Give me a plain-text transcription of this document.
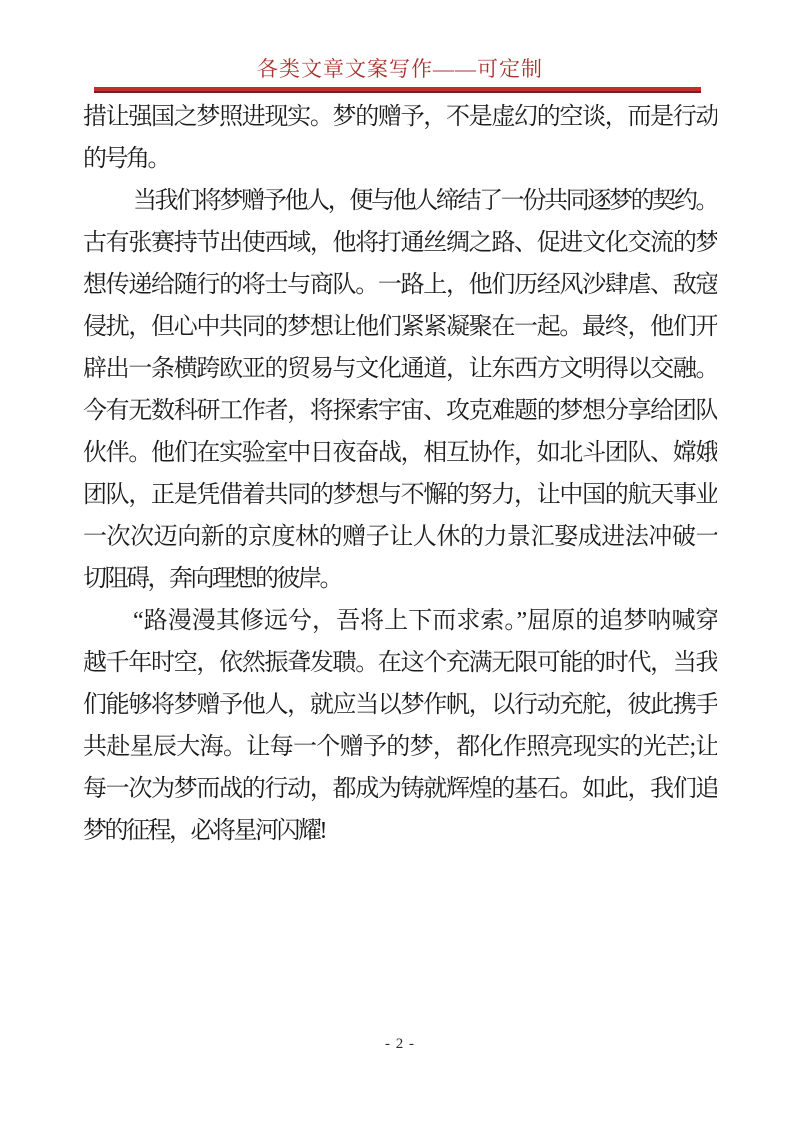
各类文章文案写作——可定制
措让强国之梦照进现实。梦的赠予，不是虚幻的空谈，而是行动
的号角。
当我们将梦赠予他人，便与他人缔结了一份共同逐梦的契约。
古有张赛持节出使西域，他将打通丝绸之路、促进文化交流的梦
想传递给随行的将士与商队。一路上，他们历经风沙肆虐、敌寇
侵扰，但心中共同的梦想让他们紧紧凝聚在一起。最终，他们开
辟出一条横跨欧亚的贸易与文化通道，让东西方文明得以交融。
今有无数科研工作者，将探索宇宙、攻克难题的梦想分享给团队
伙伴。他们在实验室中日夜奋战，相互协作，如北斗团队、嫦娥
团队，正是凭借着共同的梦想与不懈的努力，让中国的航天事业
一次次迈向新的京度林的赠子让人休的力景汇娶成进法冲破一
切阻碍，奔向理想的彼岸。
“路漫漫其修远兮，吾将上下而求索。”屈原的追梦呐喊穿
越千年时空，依然振聋发聩。在这个充满无限可能的时代，当我
们能够将梦赠予他人，就应当以梦作帆，以行动充舵，彼此携手
共赴星辰大海。让每一个赠予的梦，都化作照亮现实的光芒;让
每一次为梦而战的行动，都成为铸就辉煌的基石。如此，我们追
梦的征程，必将星河闪耀!
- 2 -
